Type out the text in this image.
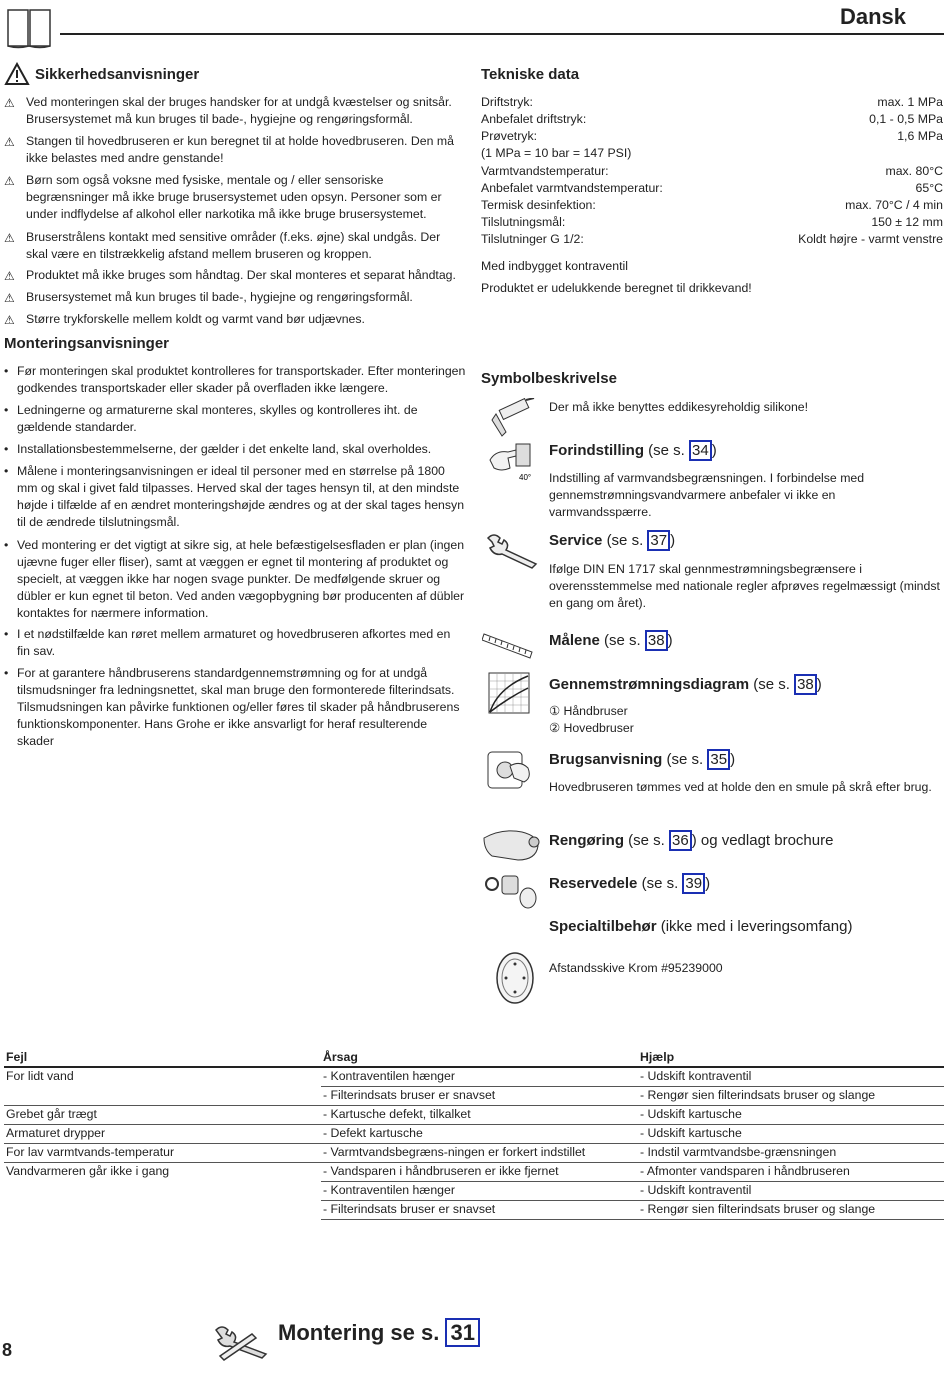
Dansk
Sikkerhedsanvisninger
⚠ Ved monteringen skal der bruges handsker for at undgå kvæstelser og snitsår. Brusersystemet må kun bruges til bade-, hygiejne og rengøringsformål.
⚠ Stangen til hovedbruseren er kun beregnet til at holde hovedbruseren. Den må ikke belastes med andre genstande!
⚠ Børn som også voksne med fysiske, mentale og / eller sensoriske begrænsninger må ikke bruge brusersystemet uden opsyn. Personer som er under indflydelse af alkohol eller narkotika må ikke bruge brusersystemet.
⚠ Bruserstrålens kontakt med sensitive områder (f.eks. øjne) skal undgås. Der skal være en tilstrækkelig afstand mellem bruseren og kroppen.
⚠ Produktet må ikke bruges som håndtag. Der skal monteres et separat håndtag.
⚠ Brusersystemet må kun bruges til bade-, hygiejne og rengøringsformål.
⚠ Større trykforskelle mellem koldt og varmt vand bør udjævnes.
Monteringsanvisninger
• Før monteringen skal produktet kontrolleres for transportskader. Efter monteringen godkendes transportskader eller skader på overfladen ikke længere.
• Ledningerne og armaturerne skal monteres, skylles og kontrolleres iht. de gældende standarder.
• Installationsbestemmelserne, der gælder i det enkelte land, skal overholdes.
• Målene i monteringsanvisningen er ideal til personer med en størrelse på 1800 mm og skal i givet fald tilpasses. Herved skal der tages hensyn til, at den mindste højde i tilfælde af en ændret monteringshøjde ændres og at der skal tages hensyn til de ændrede tilslutningsmål.
• Ved montering er det vigtigt at sikre sig, at hele befæstigelsesfladen er plan (ingen ujævne fuger eller fliser), samt at væggen er egnet til montering af produktet og specielt, at væggen ikke har nogen svage punkter. De medfølgende skruer og dübler er kun egnet til beton. Ved anden vægopbygning bør producenten af dübler kontaktes for nærmere information.
• I et nødstilfælde kan røret mellem armaturet og hovedbruseren afkortes med en fin sav.
• For at garantere håndbruserens standardgennemstrømning og for at undgå tilsmudsninger fra ledningsnettet, skal man bruge den formonterede filterindsats. Tilsmudsningen kan påvirke funktionen og/eller føres til skader på håndbruserens funktionskomponenter. Hans Grohe er ikke ansvarligt for heraf resulterende skader
Tekniske data
Driftstryk:	max. 1 MPa
Anbefalet driftstryk:	0,1 - 0,5 MPa
Prøvetryk:	1,6 MPa
(1 MPa = 10 bar = 147 PSI)
Varmtvandstemperatur:	max. 80°C
Anbefalet varmtvandstemperatur:	65°C
Termisk desinfektion:	max. 70°C / 4 min
Tilslutningsmål:	150 ± 12 mm
Tilslutninger G 1/2:	Koldt højre - varmt venstre
Med indbygget kontraventil
Produktet er udelukkende beregnet til drikkevand!
Symbolbeskrivelse
Der må ikke benyttes eddikesyreholdig silikone!
40°
Forindstilling (se s. 34 )
Indstilling af varmvandsbegrænsningen. I forbindelse med gennemstrømningsvandvarmere anbefaler vi ikke en varmvandsspærre.
Service (se s. 37 )
Ifølge DIN EN 1717 skal gennmestrømningsbegrænsere i overensstemmelse med nationale regler afprøves regelmæssigt (mindst en gang om året).
Målene (se s. 38 )
Gennemstrømningsdiagram (se s. 38 )
① Håndbruser
② Hovedbruser
Brugsanvisning (se s. 35 )
Hovedbruseren tømmes ved at holde den en smule på skrå efter brug.
Rengøring (se s. 36 ) og vedlagt brochure
Reservedele (se s. 39 )
Specialtilbehør (ikke med i leveringsomfang)
Afstandsskive Krom #95239000
Fejl	Årsag	Hjælp
For lidt vand	- Kontraventilen hænger	- Udskift kontraventil
	- Filterindsats bruser er snavset	- Rengør sien filterindsats bruser og slange
Grebet går trægt	- Kartusche defekt, tilkalket	- Udskift kartusche
Armaturet drypper	- Defekt kartusche	- Udskift kartusche
For lav varmtvands-temperatur	- Varmtvandsbegræns-ningen er forkert indstillet	- Indstil varmtvandsbe-grænsningen
Vandvarmeren går ikke i gang	- Vandsparen i håndbruseren er ikke fjernet	- Afmonter vandsparen i håndbruseren
	- Kontraventilen hænger	- Udskift kontraventil
	- Filterindsats bruser er snavset	- Rengør sien filterindsats bruser og slange
8
Montering se s. 31
